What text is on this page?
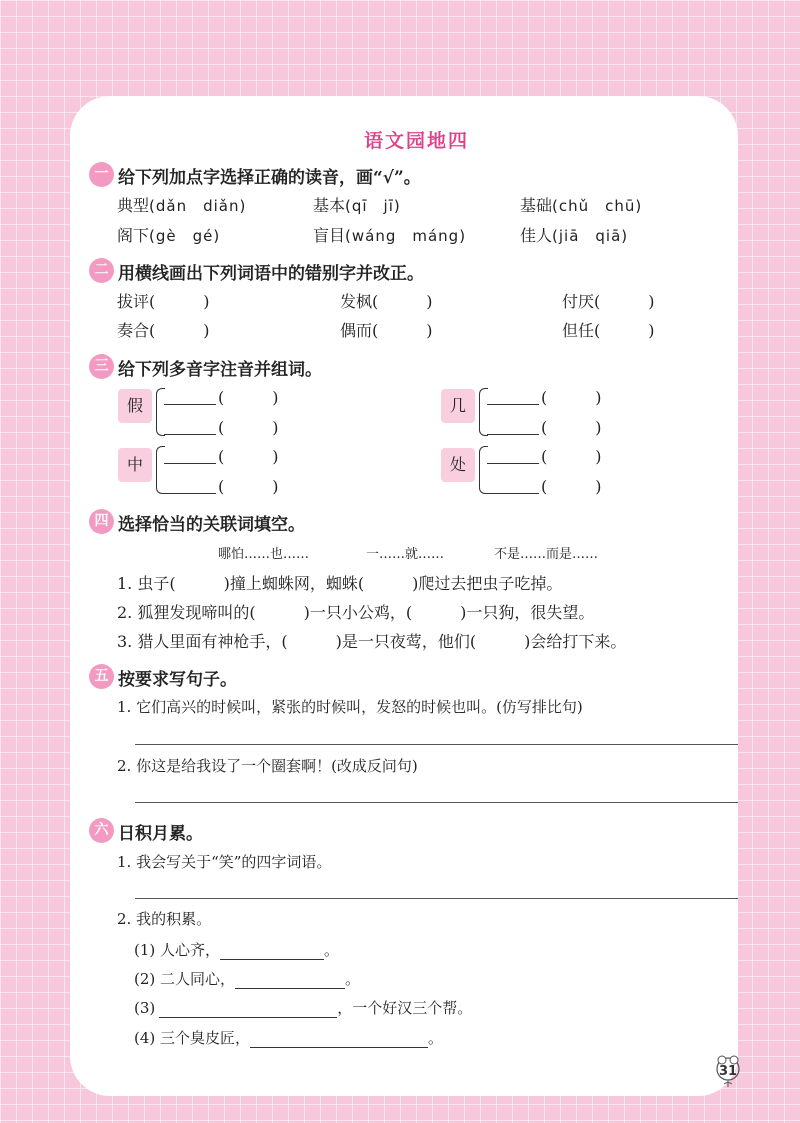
语文园地四
一 给下列加点字选择正确的读音，画“√”。
典型(dǎn　diǎn)	基本(qī　jī)	基础(chǔ　chū)
阁下(gè　gé)	盲目(wáng　máng)	佳人(jiā　qiā)
二 用横线画出下列词语中的错别字并改正。
拔评(　　　)	发枫(　　　)	付厌(　　　)
奏合(　　　)	偶而(　　　)	但任(　　　)
三 给下列多音字注音并组词。
假	(　　　)
(　　　)
几	(　　　)
(　　　)
中	(　　　)
(　　　)
处	(　　　)
(　　　)
四 选择恰当的关联词填空。
哪怕……也……	一……就……	不是……而是……
1. 虫子(　　　)撞上蜘蛛网，蜘蛛(　　　)爬过去把虫子吃掉。
2. 狐狸发现啼叫的(　　　)一只小公鸡，(　　　)一只狗，很失望。
3. 猎人里面有神枪手，(　　　)是一只夜莺，他们(　　　)会给打下来。
五 按要求写句子。
1. 它们高兴的时候叫，紧张的时候叫，发怒的时候也叫。(仿写排比句)
2. 你这是给我设了一个圈套啊！(改成反问句)
六 日积月累。
1. 我会写关于“笑”的四字词语。
2. 我的积累。
(1) 人心齐，	。
(2) 二人同心，	。
(3)	，一个好汉三个帮。
(4) 三个臭皮匠，	。
31
